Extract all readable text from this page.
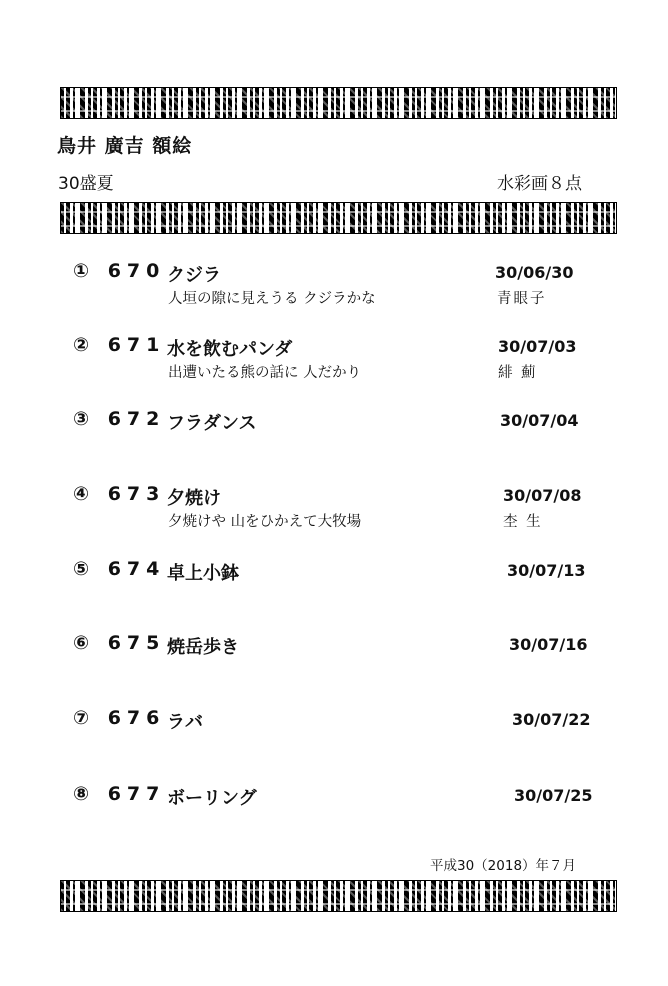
鳥井 廣吉 額絵
30盛夏	水彩画８点
① 670 クジラ	30/06/30
人垣の隙に見えうる クジラかな	青眼子
② 671 水を飲むパンダ	30/07/03
出遭いたる熊の話に 人だかり	緋 薊
③ 672 フラダンス	30/07/04
④ 673 夕焼け	30/07/08
夕焼けや 山をひかえて大牧場	杢 生
⑤ 674 卓上小鉢	30/07/13
⑥ 675 焼岳歩き	30/07/16
⑦ 676 ラバ	30/07/22
⑧ 677 ボーリング	30/07/25
平成30（2018）年７月
